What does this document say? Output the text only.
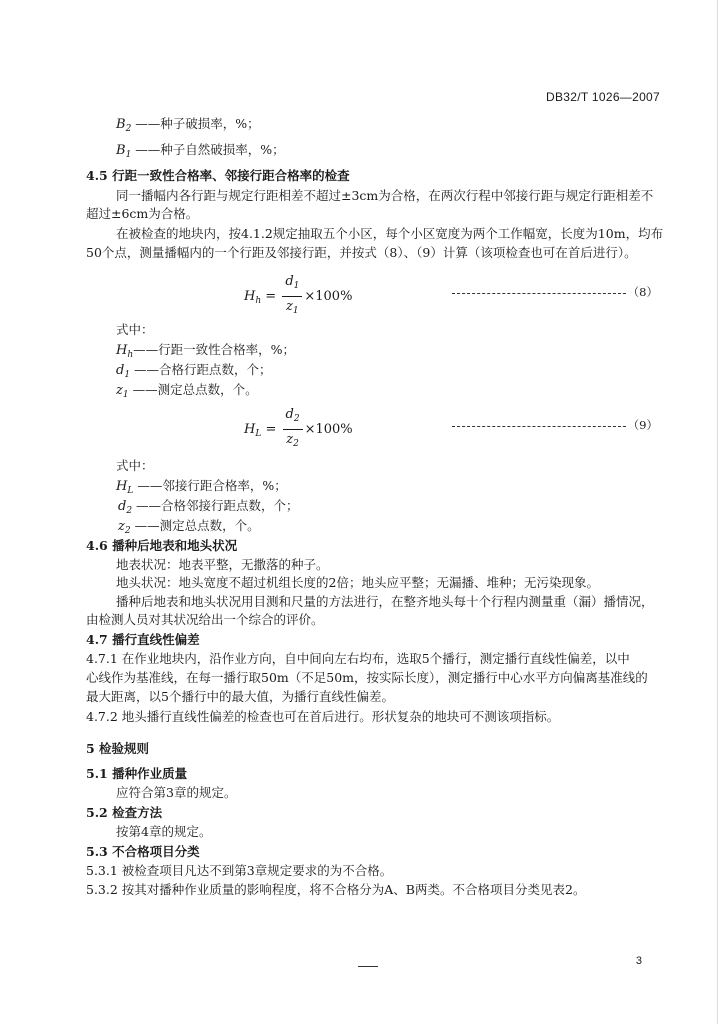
DB32/T 1026—2007
$B_2$ ——种子破损率，%；
$B_1$ ——种子自然破损率，%；
4.5 行距一致性合格率、邻接行距合格率的检查
同一播幅内各行距与规定行距相差不超过±3cm为合格，在两次行程中邻接行距与规定行距相差不
超过±6cm为合格。
在被检查的地块内，按4.1.2规定抽取五个小区，每个小区宽度为两个工作幅宽，长度为10m，均布
50个点，测量播幅内的一个行距及邻接行距，并按式（8）、（9）计算（该项检查也可在首后进行）。
$H_h = \frac{d_1}{z_1} \times 100\%$	（8）
式中：
$H_h——$行距一致性合格率，%；
$d_1$ ——合格行距点数，个；
$z_1$ ——测定总点数，个。
$H_L = \frac{d_2}{z_2} \times 100\%$	（9）
式中：
$H_L$ ——邻接行距合格率，%；
$d_2$ ——合格邻接行距点数，个；
$z_2$ ——测定总点数，个。
4.6 播种后地表和地头状况
地表状况：地表平整，无撒落的种子。
地头状况：地头宽度不超过机组长度的2倍；地头应平整；无漏播、堆种；无污染现象。
播种后地表和地头状况用目测和尺量的方法进行，在整齐地头每十个行程内测量重（漏）播情况，
由检测人员对其状况给出一个综合的评价。
4.7 播行直线性偏差
4.7.1 在作业地块内，沿作业方向，自中间向左右均布，选取5个播行，测定播行直线性偏差，以中
心线作为基准线，在每一播行取50m（不足50m，按实际长度），测定播行中心水平方向偏离基准线的
最大距离，以5个播行中的最大值，为播行直线性偏差。
4.7.2 地头播行直线性偏差的检查也可在首后进行。形状复杂的地块可不测该项指标。
5 检验规则
5.1 播种作业质量
应符合第3章的规定。
5.2 检查方法
按第4章的规定。
5.3 不合格项目分类
5.3.1 被检查项目凡达不到第3章规定要求的为不合格。
5.3.2 按其对播种作业质量的影响程度，将不合格分为A、B两类。不合格项目分类见表2。
3
